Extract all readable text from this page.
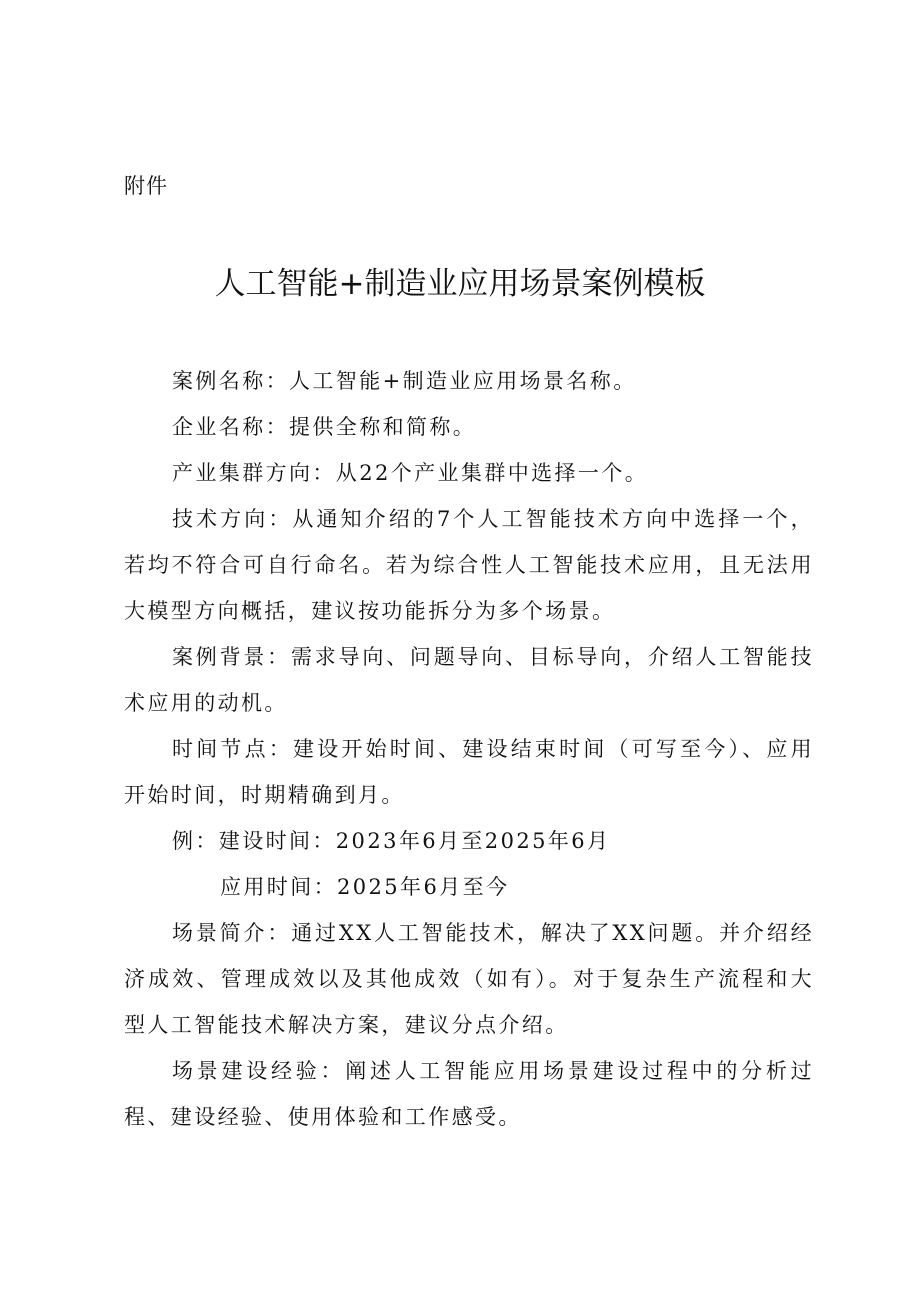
附件
人工智能+制造业应用场景案例模板

案例名称：人工智能+制造业应用场景名称。

企业名称：提供全称和简称。

产业集群方向：从22个产业集群中选择一个。

技术方向：从通知介绍的7个人工智能技术方向中选择一个，若均不符合可自行命名。若为综合性人工智能技术应用，且无法用大模型方向概括，建议按功能拆分为多个场景。

案例背景：需求导向、问题导向、目标导向，介绍人工智能技术应用的动机。

时间节点：建设开始时间、建设结束时间（可写至今）、应用开始时间，时期精确到月。

例：建设时间：2023年6月至2025年6月

应用时间：2025年6月至今

场景简介：通过XX人工智能技术，解决了XX问题。并介绍经济成效、管理成效以及其他成效（如有）。对于复杂生产流程和大型人工智能技术解决方案，建议分点介绍。

场景建设经验：阐述人工智能应用场景建设过程中的分析过程、建设经验、使用体验和工作感受。
